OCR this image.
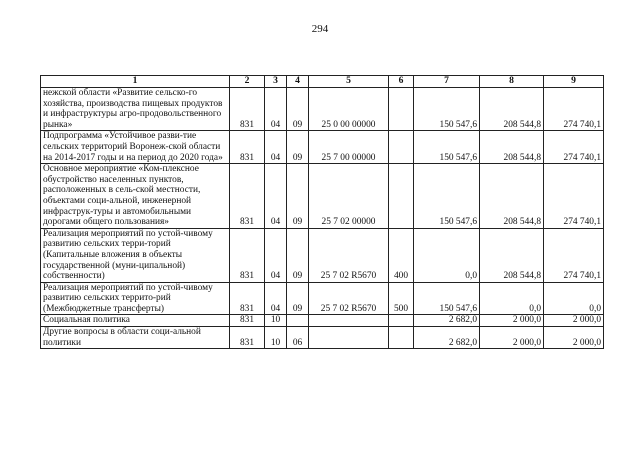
294
1	2	3	4	5	6	7	8	9
нежской области «Развитие сельско-го хозяйства, производства пищевых продуктов и инфраструктуры агро-продовольственного рынка»	831	04	09	25 0 00 00000		150 547,6	208 544,8	274 740,1
Подпрограмма «Устойчивое разви-тие сельских территорий Воронеж-ской области на 2014-2017 годы и на период до 2020 года»	831	04	09	25 7 00 00000		150 547,6	208 544,8	274 740,1
Основное мероприятие «Ком-плексное обустройство населенных пунктов, расположенных в сель-ской местности, объектами соци-альной, инженерной инфраструк-туры и автомобильными дорогами общего пользования»	831	04	09	25 7 02 00000		150 547,6	208 544,8	274 740,1
Реализация мероприятий по устой-чивому развитию сельских терри-торий (Капитальные вложения в объекты государственной (муни-ципальной) собственности)	831	04	09	25 7 02 R5670	400	0,0	208 544,8	274 740,1
Реализация мероприятий по устой-чивому развитию сельских террито-рий (Межбюджетные трансферты)	831	04	09	25 7 02 R5670	500	150 547,6	0,0	0,0
Социальная политика	831	10				2 682,0	2 000,0	2 000,0
Другие вопросы в области соци-альной политики	831	10	06			2 682,0	2 000,0	2 000,0
